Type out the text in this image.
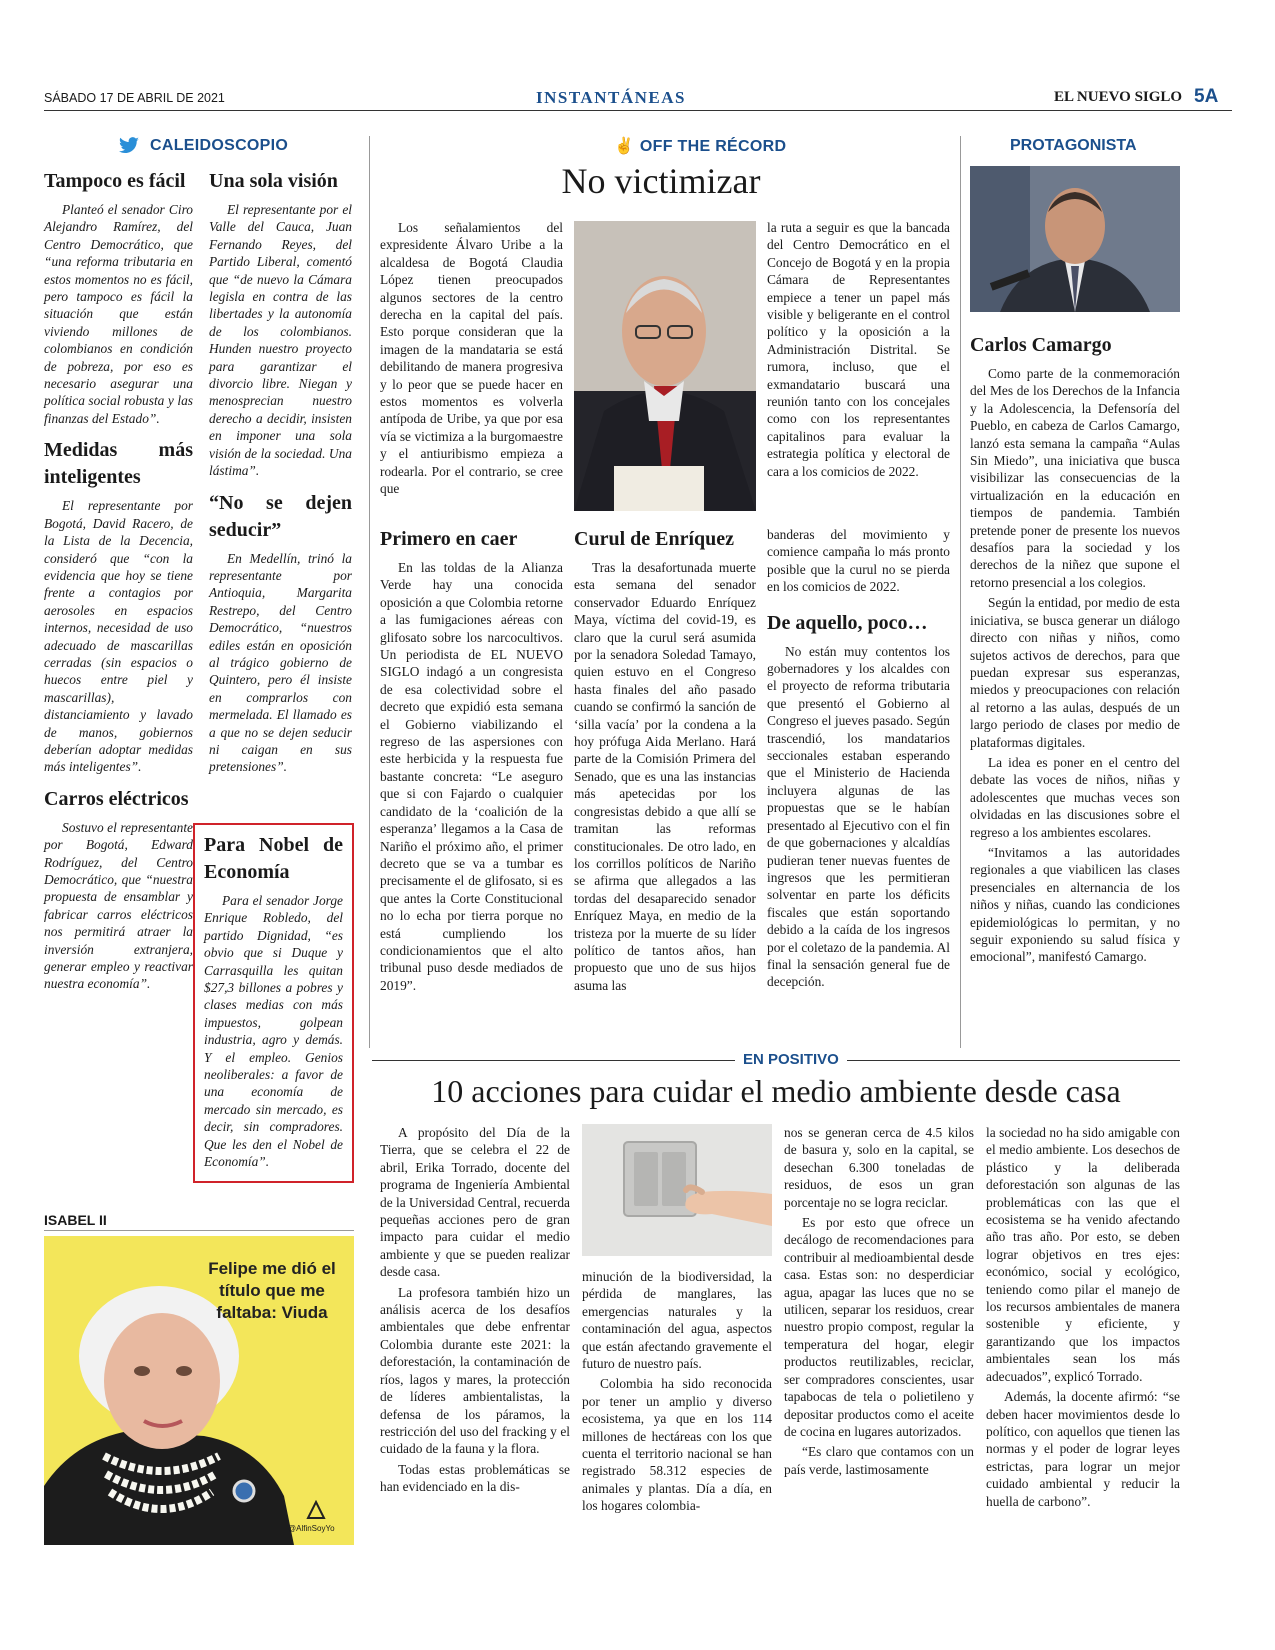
SÁBADO 17 DE ABRIL DE 2021	INSTANTÁNEAS	EL NUEVO SIGLO 5A
CALEIDOSCOPIO
Tampoco es fácil

Planteó el senador Ciro Alejandro Ramírez, del Centro Democrático, que “una reforma tributaria en estos momentos no es fácil, pero tampoco es fácil la situación que están viviendo millones de colombianos en condición de pobreza, por eso es necesario asegurar una política social robusta y las finanzas del Estado”.

Medidas más inteligentes

El representante por Bogotá, David Racero, de la Lista de la Decencia, consideró que “con la evidencia que hoy se tiene frente a contagios por aerosoles en espacios internos, necesidad de uso adecuado de mascarillas cerradas (sin espacios o huecos entre piel y mascarillas), distanciamiento y lavado de manos, gobiernos deberían adoptar medidas más inteligentes”.

Carros eléctricos

Sostuvo el representante por Bogotá, Edward Rodríguez, del Centro Democrático, que “nuestra propuesta de ensamblar y fabricar carros eléctricos nos permitirá atraer la inversión extranjera, generar empleo y reactivar nuestra economía”.

Una sola visión

El representante por el Valle del Cauca, Juan Fernando Reyes, del Partido Liberal, comentó que “de nuevo la Cámara legisla en contra de las libertades y la autonomía de los colombianos. Hunden nuestro proyecto para garantizar el divorcio libre. Niegan y menosprecian nuestro derecho a decidir, insisten en imponer una sola visión de la sociedad. Una lástima”.

“No se dejen seducir”

En Medellín, trinó la representante por Antioquia, Margarita Restrepo, del Centro Democrático, “nuestros ediles están en oposición al trágico gobierno de Quintero, pero él insiste en comprarlos con mermelada. El llamado es a que no se dejen seducir ni caigan en sus pretensiones”.

Para Nobel de Economía

Para el senador Jorge Enrique Robledo, del partido Dignidad, “es obvio que si Duque y Carrasquilla les quitan $27,3 billones a pobres y clases medias con más impuestos, golpean industria, agro y demás. Y el empleo. Genios neoliberales: a favor de una economía de mercado sin mercado, es decir, sin compradores. Que les den el Nobel de Economía”.

ISABEL II
Felipe me dió el título que me faltaba: Viuda
@AlfinSoyYo
✌ OFF THE RÉCORD
No victimizar

Los señalamientos del expresidente Álvaro Uribe a la alcaldesa de Bogotá Claudia López tienen preocupados algunos sectores de la centro derecha en la capital del país. Esto porque consideran que la imagen de la mandataria se está debilitando de manera progresiva y lo peor que se puede hacer en estos momentos es volverla antípoda de Uribe, ya que por esa vía se victimiza a la burgomaestre y el antiuribismo empieza a rodearla. Por el contrario, se cree que

la ruta a seguir es que la bancada del Centro Democrático en el Concejo de Bogotá y en la propia Cámara de Representantes empiece a tener un papel más visible y beligerante en el control político y la oposición a la Administración Distrital. Se rumora, incluso, que el exmandatario buscará una reunión tanto con los concejales como con los representantes capitalinos para evaluar la estrategia política y electoral de cara a los comicios de 2022.

Primero en caer

En las toldas de la Alianza Verde hay una conocida oposición a que Colombia retorne a las fumigaciones aéreas con glifosato sobre los narcocultivos. Un periodista de EL NUEVO SIGLO indagó a un congresista de esa colectividad sobre el decreto que expidió esta semana el Gobierno viabilizando el regreso de las aspersiones con este herbicida y la respuesta fue bastante concreta: “Le aseguro que si con Fajardo o cualquier candidato de la ‘coalición de la esperanza’ llegamos a la Casa de Nariño el próximo año, el primer decreto que se va a tumbar es precisamente el de glifosato, si es que antes la Corte Constitucional no lo echa por tierra porque no está cumpliendo los condicionamientos que el alto tribunal puso desde mediados de 2019”.

Curul de Enríquez

Tras la desafortunada muerte esta semana del senador conservador Eduardo Enríquez Maya, víctima del covid-19, es claro que la curul será asumida por la senadora Soledad Tamayo, quien estuvo en el Congreso hasta finales del año pasado cuando se confirmó la sanción de ‘silla vacía’ por la condena a la hoy prófuga Aida Merlano. Hará parte de la Comisión Primera del Senado, que es una las instancias más apetecidas por los congresistas debido a que allí se tramitan las reformas constitucionales. De otro lado, en los corrillos políticos de Nariño se afirma que allegados a las tordas del desaparecido senador Enríquez Maya, en medio de la tristeza por la muerte de su líder político de tantos años, han propuesto que uno de sus hijos asuma las

banderas del movimiento y comience campaña lo más pronto posible que la curul no se pierda en los comicios de 2022.

De aquello, poco…

No están muy contentos los gobernadores y los alcaldes con el proyecto de reforma tributaria que presentó el Gobierno al Congreso el jueves pasado. Según trascendió, los mandatarios seccionales estaban esperando que el Ministerio de Hacienda incluyera algunas de las propuestas que se le habían presentado al Ejecutivo con el fin de que gobernaciones y alcaldías pudieran tener nuevas fuentes de ingresos que les permitieran solventar en parte los déficits fiscales que están soportando debido a la caída de los ingresos por el coletazo de la pandemia. Al final la sensación general fue de decepción.

PROTAGONISTA
Carlos Camargo

Como parte de la conmemoración del Mes de los Derechos de la Infancia y la Adolescencia, la Defensoría del Pueblo, en cabeza de Carlos Camargo, lanzó esta semana la campaña “Aulas Sin Miedo”, una iniciativa que busca visibilizar las consecuencias de la virtualización en la educación en tiempos de pandemia. También pretende poner de presente los nuevos desafíos para la sociedad y los derechos de la niñez que supone el retorno presencial a los colegios.

Según la entidad, por medio de esta iniciativa, se busca generar un diálogo directo con niñas y niños, como sujetos activos de derechos, para que puedan expresar sus esperanzas, miedos y preocupaciones con relación al retorno a las aulas, después de un largo periodo de clases por medio de plataformas digitales.

La idea es poner en el centro del debate las voces de niños, niñas y adolescentes que muchas veces son olvidadas en las discusiones sobre el regreso a los ambientes escolares.

“Invitamos a las autoridades regionales a que viabilicen las clases presenciales en alternancia de los niños y niñas, cuando las condiciones epidemiológicas lo permitan, y no seguir exponiendo su salud física y emocional”, manifestó Camargo.

EN POSITIVO
10 acciones para cuidar el medio ambiente desde casa

A propósito del Día de la Tierra, que se celebra el 22 de abril, Erika Torrado, docente del programa de Ingeniería Ambiental de la Universidad Central, recuerda pequeñas acciones pero de gran impacto para cuidar el medio ambiente y que se pueden realizar desde casa.

La profesora también hizo un análisis acerca de los desafíos ambientales que debe enfrentar Colombia durante este 2021: la deforestación, la contaminación de ríos, lagos y mares, la protección de líderes ambientalistas, la defensa de los páramos, la restricción del uso del fracking y el cuidado de la fauna y la flora.

Todas estas problemáticas se han evidenciado en la dis-

minución de la biodiversidad, la pérdida de manglares, las emergencias naturales y la contaminación del agua, aspectos que están afectando gravemente el futuro de nuestro país.

Colombia ha sido reconocida por tener un amplio y diverso ecosistema, ya que en los 114 millones de hectáreas con los que cuenta el territorio nacional se han registrado 58.312 especies de animales y plantas. Día a día, en los hogares colombia-

nos se generan cerca de 4.5 kilos de basura y, solo en la capital, se desechan 6.300 toneladas de residuos, de esos un gran porcentaje no se logra reciclar.

Es por esto que ofrece un decálogo de recomendaciones para contribuir al medioambiental desde casa. Estas son: no desperdiciar agua, apagar las luces que no se utilicen, separar los residuos, crear nuestro propio compost, regular la temperatura del hogar, elegir productos reutilizables, reciclar, ser compradores conscientes, usar tapabocas de tela o polietileno y depositar productos como el aceite de cocina en lugares autorizados.

“Es claro que contamos con un país verde, lastimosamente

la sociedad no ha sido amigable con el medio ambiente. Los desechos de plástico y la deliberada deforestación son algunas de las problemáticas con las que el ecosistema se ha venido afectando año tras año. Por esto, se deben lograr objetivos en tres ejes: económico, social y ecológico, teniendo como pilar el manejo de los recursos ambientales de manera sostenible y eficiente, y garantizando que los impactos ambientales sean los más adecuados”, explicó Torrado.

Además, la docente afirmó: “se deben hacer movimientos desde lo político, con aquellos que tienen las normas y el poder de lograr leyes estrictas, para lograr un mejor cuidado ambiental y reducir la huella de carbono”.
